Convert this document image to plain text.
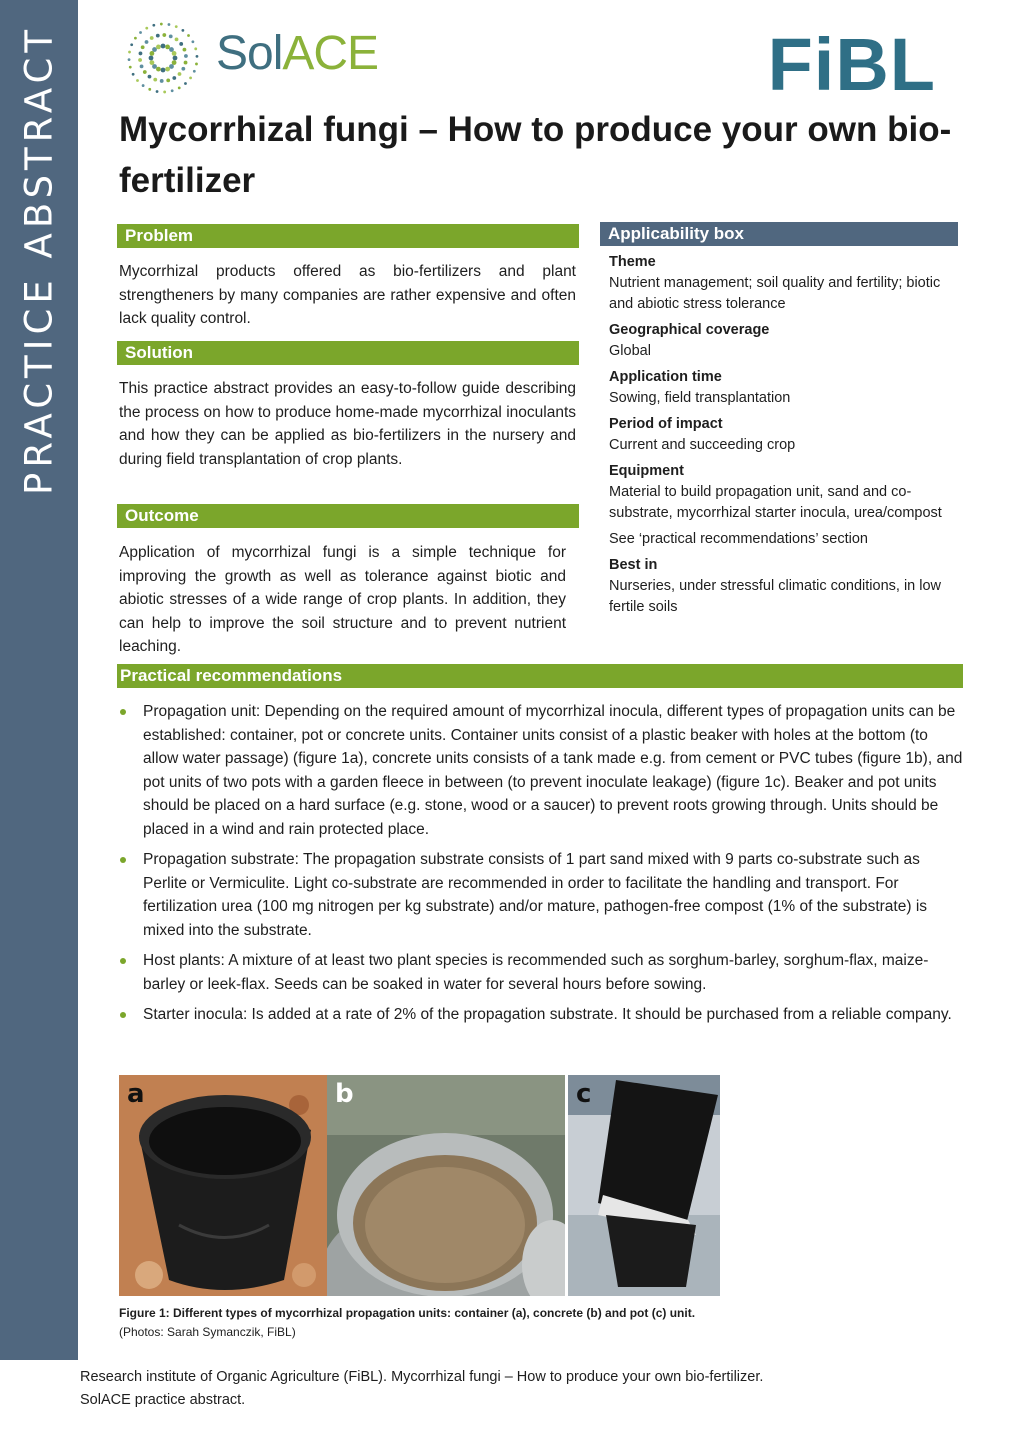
PRACTICE ABSTRACT	SolACE	FiBL
Mycorrhizal fungi – How to produce your own bio-fertilizer
Problem

Mycorrhizal products offered as bio-fertilizers and plant strengtheners by many companies are rather expensive and often lack quality control.

Solution

This practice abstract provides an easy-to-follow guide describing the process on how to produce home-made mycorrhizal inoculants and how they can be applied as bio-fertilizers in the nursery and during field transplantation of crop plants.

Outcome

Application of mycorrhizal fungi is a simple technique for improving the growth as well as tolerance against biotic and abiotic stresses of a wide range of crop plants. In addition, they can help to improve the soil structure and to prevent nutrient leaching.

Applicability box
Theme
Nutrient management; soil quality and fertility; biotic and abiotic stress tolerance
Geographical coverage
Global
Application time
Sowing, field transplantation
Period of impact
Current and succeeding crop
Equipment
Material to build propagation unit, sand and co-substrate, mycorrhizal starter inocula, urea/compost
See ‘practical recommendations’ section
Best in
Nurseries, under stressful climatic conditions, in low fertile soils
Practical recommendations
Propagation unit: Depending on the required amount of mycorrhizal inocula, different types of propagation units can be established: container, pot or concrete units. Container units consist of a plastic beaker with holes at the bottom (to allow water passage) (figure 1a), concrete units consists of a tank made e.g. from cement or PVC tubes (figure 1b), and pot units of two pots with a garden fleece in between (to prevent inoculate leakage) (figure 1c). Beaker and pot units should be placed on a hard surface (e.g. stone, wood or a saucer) to prevent roots growing through. Units should be placed in a wind and rain protected place.
Propagation substrate: The propagation substrate consists of 1 part sand mixed with 9 parts co-substrate such as Perlite or Vermiculite. Light co-substrate are recommended in order to facilitate the handling and transport. For fertilization urea (100 mg nitrogen per kg substrate) and/or mature, pathogen-free compost (1% of the substrate) is mixed into the substrate.
Host plants: A mixture of at least two plant species is recommended such as sorghum-barley, sorghum-flax, maize-barley or leek-flax. Seeds can be soaked in water for several hours before sowing.
Starter inocula: Is added at a rate of 2% of the propagation substrate. It should be purchased from a reliable company.
a	b	c
Figure 1: Different types of mycorrhizal propagation units: container (a), concrete (b) and pot (c) unit.
(Photos: Sarah Symanczik, FiBL)
Research institute of Organic Agriculture (FiBL). Mycorrhizal fungi – How to produce your own bio-fertilizer.
SolACE practice abstract.
